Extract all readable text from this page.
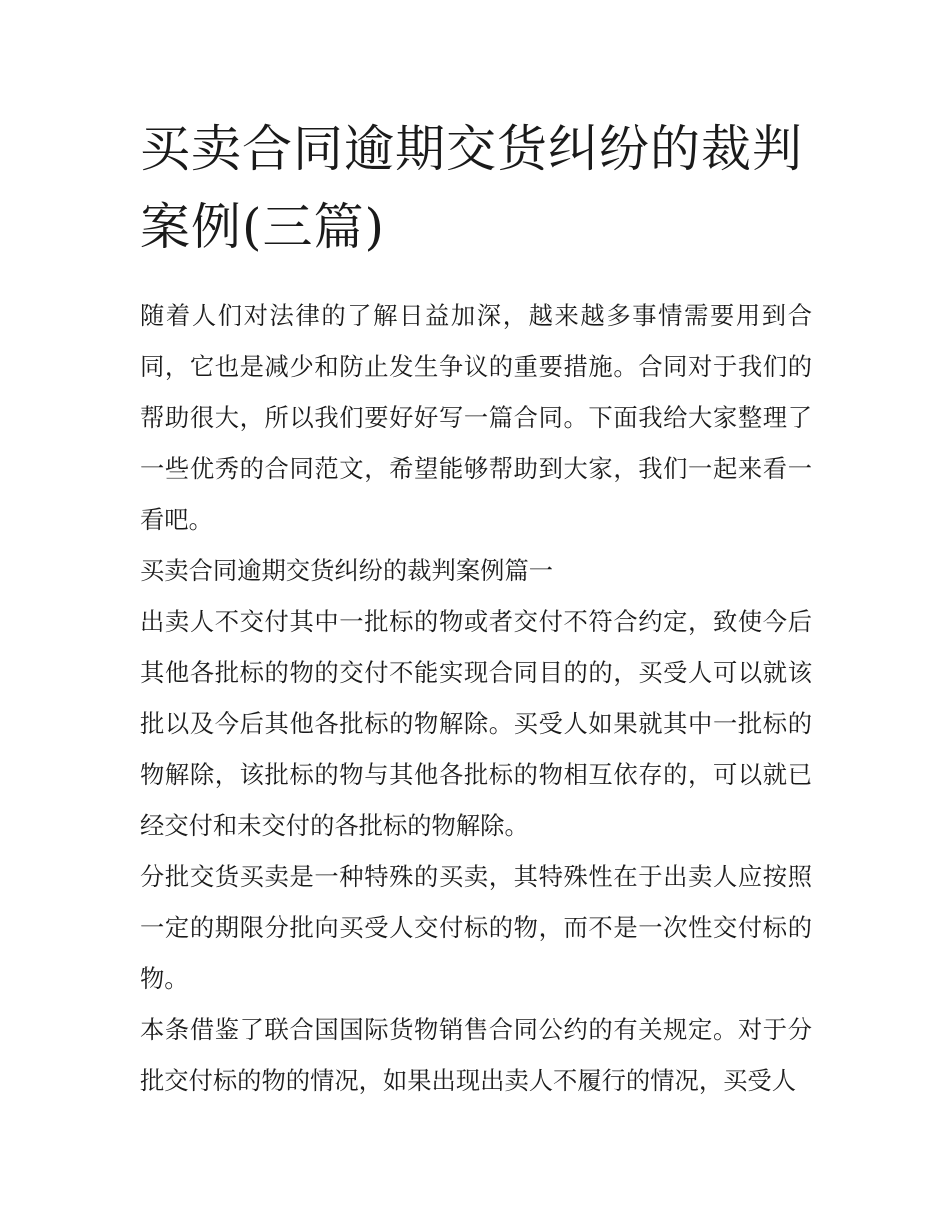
买卖合同逾期交货纠纷的裁判案例(三篇)

随着人们对法律的了解日益加深，越来越多事情需要用到合同，它也是减少和防止发生争议的重要措施。合同对于我们的帮助很大，所以我们要好好写一篇合同。下面我给大家整理了一些优秀的合同范文，希望能够帮助到大家，我们一起来看一看吧。

买卖合同逾期交货纠纷的裁判案例篇一

出卖人不交付其中一批标的物或者交付不符合约定，致使今后其他各批标的物的交付不能实现合同目的的，买受人可以就该批以及今后其他各批标的物解除。买受人如果就其中一批标的物解除，该批标的物与其他各批标的物相互依存的，可以就已经交付和未交付的各批标的物解除。

分批交货买卖是一种特殊的买卖，其特殊性在于出卖人应按照一定的期限分批向买受人交付标的物，而不是一次性交付标的物。

本条借鉴了联合国国际货物销售合同公约的有关规定。对于分批交付标的物的情况，如果出现出卖人不履行的情况，买受人
